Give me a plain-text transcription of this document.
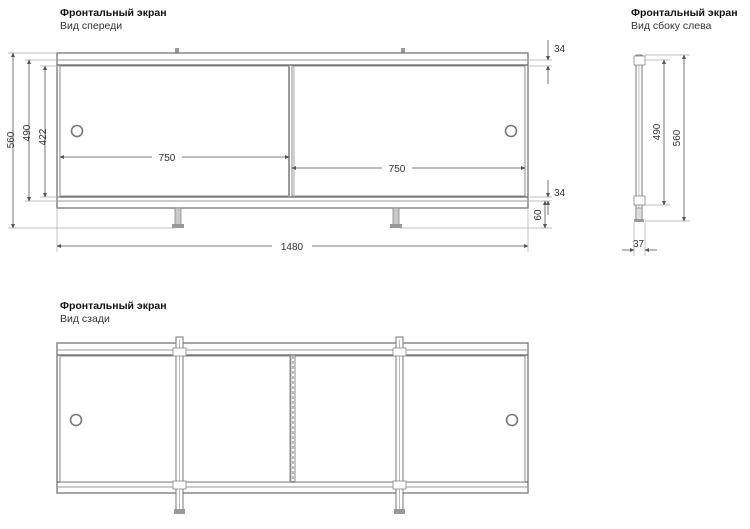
Фронтальный экран
Вид спереди
Фронтальный экран
Вид сбоку слева
Фронтальный экран
Вид сзади
560 490 422
34
34
60
750
750
1480
490 560
37
